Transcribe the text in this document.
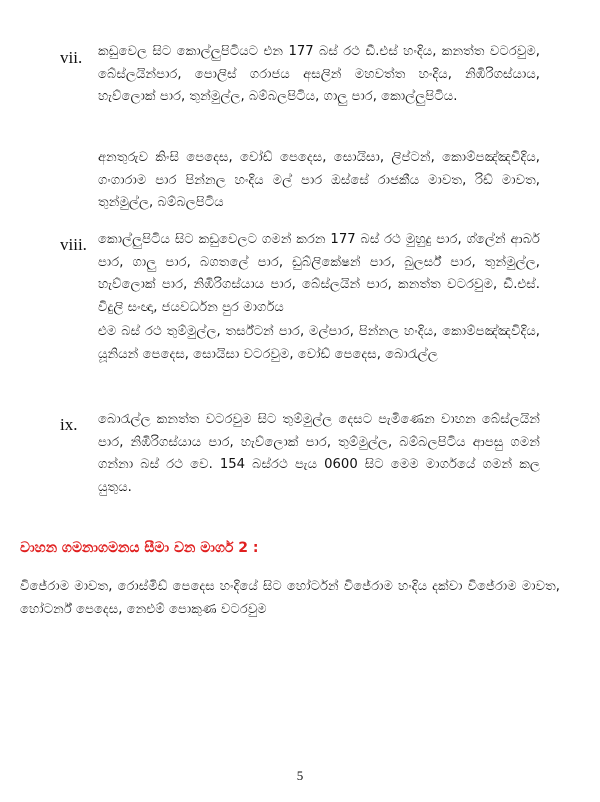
vii. කඩුවෙල සිට කොල්ලුපිටියට එන 177 බස් රථ ඩී.එස් හංදිය, කනත්ත වටරවුම, බේස්ලයින්පාර, පොලිස් ගරාජය අසලින් මහවත්ත හංදිය, නිඹිරිගස්යාය, හැව්ලොක් පාර, තුන්මුල්ල, බම්බලපිටිය, ගාලු පාර, කොල්ලුපිටිය.

අනතුරුව කිංසි පෙදෙස, වෝඩ් පෙදෙස, සොයිසා, ලිප්ටන්, කොම්පඤ්ඤවිදිය, ගංගාරාම පාර පින්නල හංදිය මල් පාර ඔස්සේ රාජකීය මාවත, රිඩ් මාවත, තුන්මුල්ල, බම්බලපිටිය

viii. කොල්ලුපිටිය සිට කඩුවෙලට ගමන් කරන 177 බස් රථ මුහුදු පාර, ග්ලේන් ආබර් පාර, ගාලු පාර, බගතලේ පාර, ඩුබ්ලිකේෂන් පාර, බුලර්ස් පාර, තුන්මුල්ල, හැව්ලොක් පාර, නිඹිරිගස්යාය පාර, බේස්ලයින් පාර, කනත්ත වටරවුම, ඩී.එස්. විදුලි සංඥා, ජයවර්ධන පුර මාර්ගය

එම බස් රථ තුම්මුල්ල, තර්ස්ටන් පාර, මල්පාර, පින්නල හංදිය, කොම්පඤ්ඤවිදිය, යූනියන් පෙදෙස, සොයිසා වටරවුම, වෝඩ් පෙදෙස, බොරැල්ල

ix. බොරැල්ල කනත්ත වටරවුම සිට තුම්මුල්ල දෙසට පැමිණෙන වාහන බේස්ලයින් පාර, නිඹිරිගස්යාය පාර, හැව්ලොක් පාර, තුම්මුල්ල, බම්බලපිටිය ආපසු ගමන් ගන්නා බස් රථ වෙ. 154 බස්රථ පැය 0600 සිට මෙම මාර්ගයේ ගමන් කල යුතුය.

වාහන ගමනාගමනය සීමා වන මාර්ග 2 :

විජේරාම මාවත, රොස්මිඩ් පෙදෙස හංදියේ සිට හෝර්ටන් විජේරාම හංදිය දක්වා විජේරාම මාවත, හෝටර්න් පෙදෙස, නෙළුම් පොකුණ වටරවුම

5
